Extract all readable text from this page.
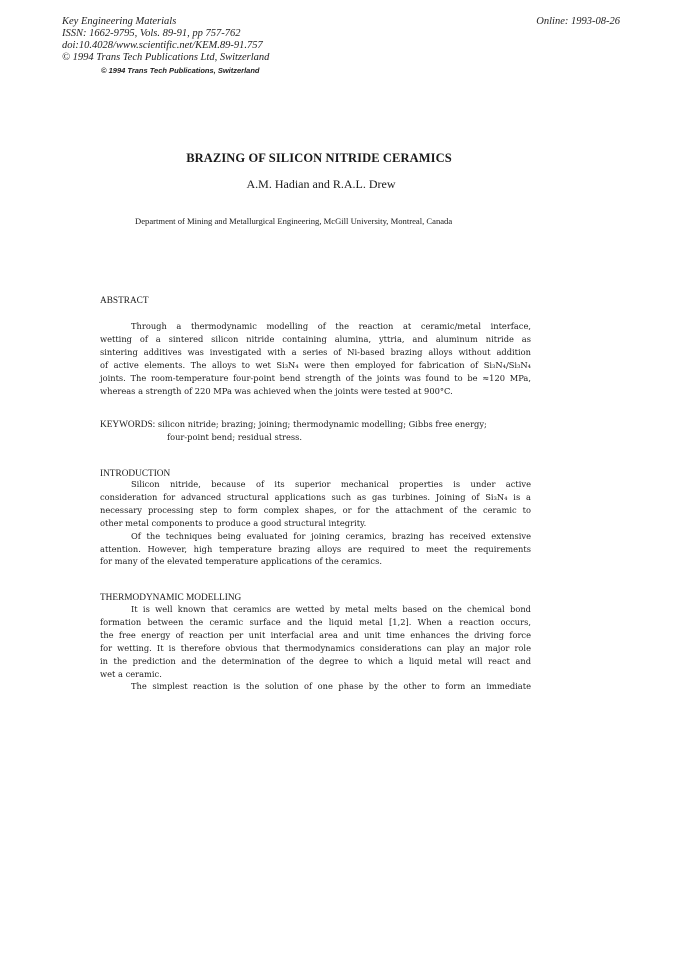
Key Engineering Materials
ISSN: 1662-9795, Vols. 89-91, pp 757-762
doi:10.4028/www.scientific.net/KEM.89-91.757
© 1994 Trans Tech Publications Ltd, Switzerland
Online: 1993-08-26
© 1994 Trans Tech Publications, Switzerland
BRAZING OF SILICON NITRIDE CERAMICS
A.M. Hadian and R.A.L. Drew
Department of Mining and Metallurgical Engineering, McGill University, Montreal, Canada
ABSTRACT
Through a thermodynamic modelling of the reaction at ceramic/metal interface,
wetting of a sintered silicon nitride containing alumina, yttria, and aluminum nitride as
sintering additives was investigated with a series of Ni-based brazing alloys without addition
of active elements. The alloys to wet Si₃N₄ were then employed for fabrication of Si₃N₄/Si₃N₄
joints. The room-temperature four-point bend strength of the joints was found to be ≈120 MPa,
whereas a strength of 220 MPa was achieved when the joints were tested at 900°C.
KEYWORDS: silicon nitride; brazing; joining; thermodynamic modelling; Gibbs free energy;
four-point bend; residual stress.
INTRODUCTION
Silicon nitride, because of its superior mechanical properties is under active
consideration for advanced structural applications such as gas turbines. Joining of Si₃N₄ is a
necessary processing step to form complex shapes, or for the attachment of the ceramic to
other metal components to produce a good structural integrity.
Of the techniques being evaluated for joining ceramics, brazing has received extensive
attention. However, high temperature brazing alloys are required to meet the requirements
for many of the elevated temperature applications of the ceramics.
THERMODYNAMIC MODELLING
It is well known that ceramics are wetted by metal melts based on the chemical bond
formation between the ceramic surface and the liquid metal [1,2]. When a reaction occurs,
the free energy of reaction per unit interfacial area and unit time enhances the driving force
for wetting. It is therefore obvious that thermodynamics considerations can play an major role
in the prediction and the determination of the degree to which a liquid metal will react and
wet a ceramic.
The simplest reaction is the solution of one phase by the other to form an immediate
